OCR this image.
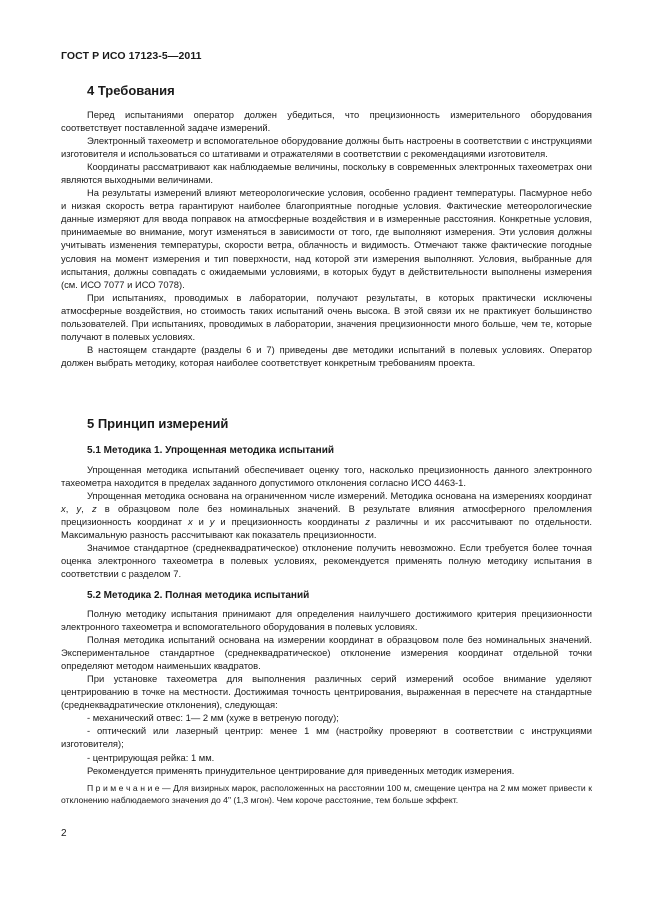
ГОСТ Р ИСО 17123-5—2011
4 Требования

Перед испытаниями оператор должен убедиться, что прецизионность измерительного оборудования соответствует поставленной задаче измерений.

Электронный тахеометр и вспомогательное оборудование должны быть настроены в соответствии с инструкциями изготовителя и использоваться со штативами и отражателями в соответствии с рекомендациями изготовителя.

Координаты рассматривают как наблюдаемые величины, поскольку в современных электронных тахеометрах они являются выходными величинами.

На результаты измерений влияют метеорологические условия, особенно градиент температуры. Пасмурное небо и низкая скорость ветра гарантируют наиболее благоприятные погодные условия. Фактические метеорологические данные измеряют для ввода поправок на атмосферные воздействия и в измеренные расстояния. Конкретные условия, принимаемые во внимание, могут изменяться в зависимости от того, где выполняют измерения. Эти условия должны учитывать изменения температуры, скорости ветра, облачность и видимость. Отмечают также фактические погодные условия на момент измерения и тип поверхности, над которой эти измерения выполняют. Условия, выбранные для испытания, должны совпадать с ожидаемыми условиями, в которых будут в действительности выполнены измерения (см. ИСО 7077 и ИСО 7078).

При испытаниях, проводимых в лаборатории, получают результаты, в которых практически исключены атмосферные воздействия, но стоимость таких испытаний очень высока. В этой связи их не практикует большинство пользователей. При испытаниях, проводимых в лаборатории, значения прецизионности много больше, чем те, которые получают в полевых условиях.

В настоящем стандарте (разделы 6 и 7) приведены две методики испытаний в полевых условиях. Оператор должен выбрать методику, которая наиболее соответствует конкретным требованиям проекта.

5 Принцип измерений
5.1 Методика 1. Упрощенная методика испытаний

Упрощенная методика испытаний обеспечивает оценку того, насколько прецизионность данного электронного тахеометра находится в пределах заданного допустимого отклонения согласно ИСО 4463-1.

Упрощенная методика основана на ограниченном числе измерений. Методика основана на измерениях координат x, y, z в образцовом поле без номинальных значений. В результате влияния атмосферного преломления прецизионность координат x и y и прецизионность координаты z различны и их рассчитывают по отдельности. Максимальную разность рассчитывают как показатель прецизионности.

Значимое стандартное (среднеквадратическое) отклонение получить невозможно. Если требуется более точная оценка электронного тахеометра в полевых условиях, рекомендуется применять полную методику испытания в соответствии с разделом 7.

5.2 Методика 2. Полная методика испытаний

Полную методику испытания принимают для определения наилучшего достижимого критерия прецизионности электронного тахеометра и вспомогательного оборудования в полевых условиях.

Полная методика испытаний основана на измерении координат в образцовом поле без номинальных значений. Экспериментальное стандартное (среднеквадратическое) отклонение измерения координат отдельной точки определяют методом наименьших квадратов.

При установке тахеометра для выполнения различных серий измерений особое внимание уделяют центрированию в точке на местности. Достижимая точность центрирования, выраженная в пересчете на стандартные (среднеквадратические отклонения), следующая:

- механический отвес: 1— 2 мм (хуже в ветреную погоду);

- оптический или лазерный центрир: менее 1 мм (настройку проверяют в соответствии с инструкциями изготовителя);

- центрирующая рейка: 1 мм.

Рекомендуется применять принудительное центрирование для приведенных методик измерения.

П р и м е ч а н и е — Для визирных марок, расположенных на расстоянии 100 м, смещение центра на 2 мм может привести к отклонению наблюдаемого значения до 4" (1,3 мгон). Чем короче расстояние, тем больше эффект.

2
